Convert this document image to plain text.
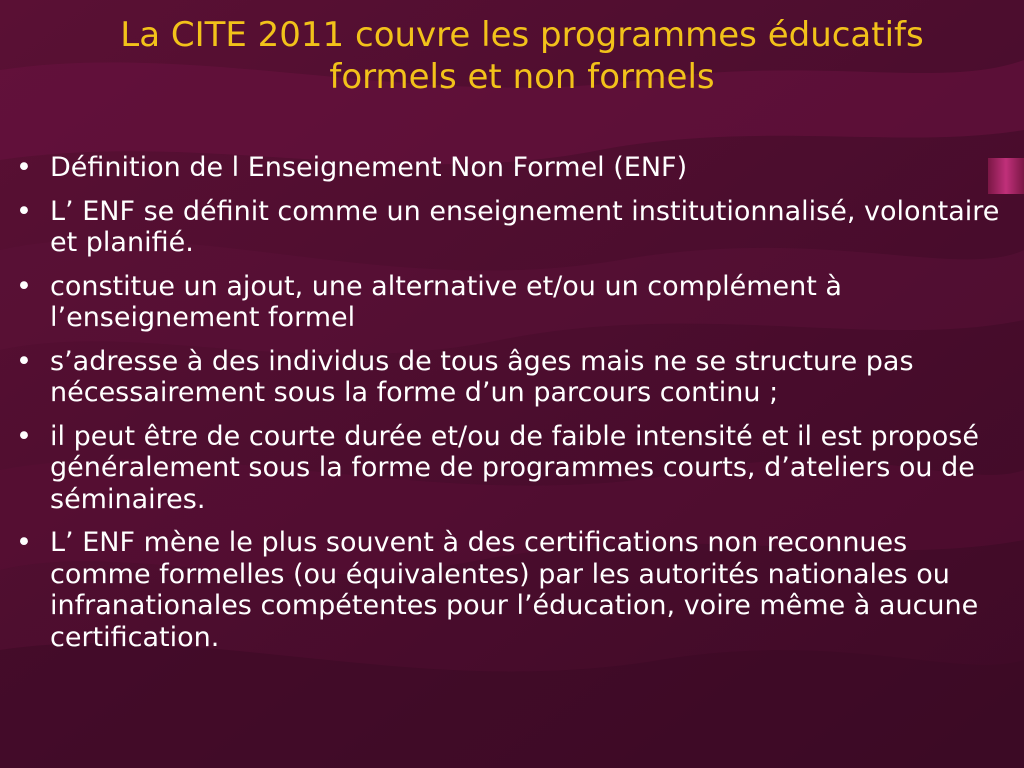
La CITE 2011 couvre les programmes éducatifs
formels et non formels
• Définition de l Enseignement Non Formel (ENF)
• L’ ENF se définit comme un enseignement institutionnalisé, volontaire et planifié.
• constitue un ajout, une alternative et/ou un complément à l’enseignement formel
• s’adresse à des individus de tous âges mais ne se structure pas nécessairement sous la forme d’un parcours continu ;
• il peut être de courte durée et/ou de faible intensité et il est proposé généralement sous la forme de programmes courts, d’ateliers ou de séminaires.
• L’ ENF mène le plus souvent à des certifications non reconnues comme formelles (ou équivalentes) par les autorités nationales ou infranationales compétentes pour l’éducation, voire même à aucune certification.
